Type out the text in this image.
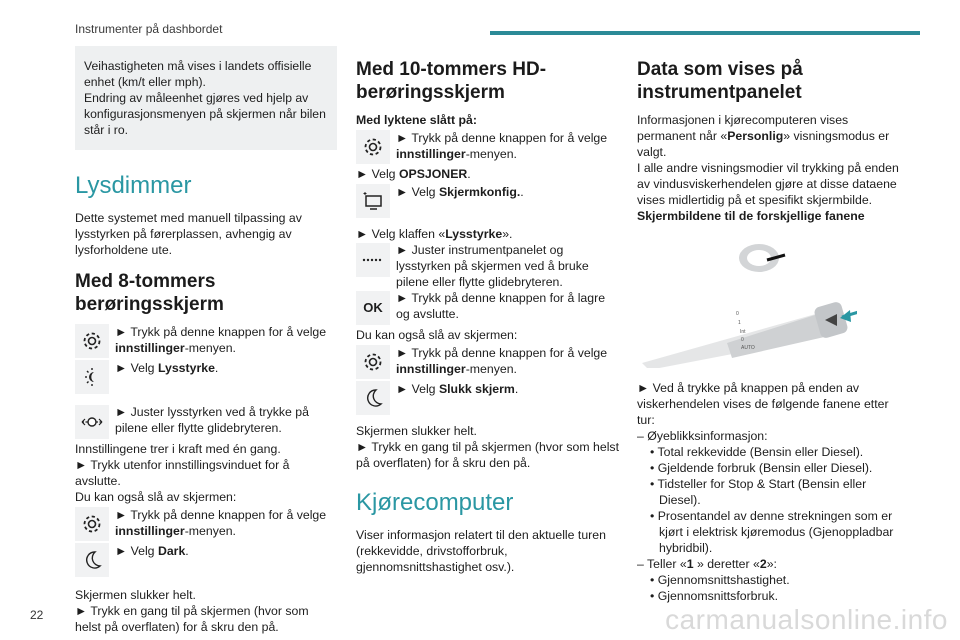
Instrumenter på dashbordet
Veihastigheten må vises i landets offisielle enhet (km/t eller mph).
Endring av måleenhet gjøres ved hjelp av konfigurasjonsmenyen på skjermen når bilen står i ro.
Lysdimmer

Dette systemet med manuell tilpassing av lysstyrken på førerplassen, avhengig av lysforholdene ute.

Med 8-tommers berøringsskjerm
► Trykk på denne knappen for å velge innstillinger-menyen.
► Velg Lysstyrke.
► Juster lysstyrken ved å trykke på pilene eller flytte glidebryteren.

Innstillingene trer i kraft med én gang.

► Trykk utenfor innstillingsvinduet for å avslutte.

Du kan også slå av skjermen:

► Trykk på denne knappen for å velge innstillinger-menyen.
► Velg Dark.

Skjermen slukker helt.

► Trykk en gang til på skjermen (hvor som helst på overflaten) for å skru den på.

Med 10-tommers HD-berøringsskjerm

Med lyktene slått på:

► Trykk på denne knappen for å velge innstillinger-menyen.

► Velg OPSJONER.

► Velg Skjermkonfig..

► Velg klaffen «Lysstyrke».

► Juster instrumentpanelet og lysstyrken på skjermen ved å bruke pilene eller flytte glidebryteren.
OK
► Trykk på denne knappen for å lagre og avslutte.

Du kan også slå av skjermen:

► Trykk på denne knappen for å velge innstillinger-menyen.
► Velg Slukk skjerm.

Skjermen slukker helt.

► Trykk en gang til på skjermen (hvor som helst på overflaten) for å skru den på.

Kjørecomputer

Viser informasjon relatert til den aktuelle turen (rekkevidde, drivstofforbruk, gjennomsnittshastighet osv.).

Data som vises på instrumentpanelet

Informasjonen i kjørecomputeren vises permanent når «Personlig» visningsmodus er valgt.

I alle andre visningsmodier vil trykking på enden av vindusviskerhendelen gjøre at disse dataene vises midlertidig på et spesifikt skjermbilde.

Skjermbildene til de forskjellige fanene

0
1
Int
0
AUTO

► Ved å trykke på knappen på enden av viskerhendelen vises de følgende fanene etter tur:

– Øyeblikksinformasjon:

• Total rekkevidde (Bensin eller Diesel).

• Gjeldende forbruk (Bensin eller Diesel).

• Tidsteller for Stop & Start (Bensin eller Diesel).

• Prosentandel av denne strekningen som er kjørt i elektrisk kjøremodus (Gjenoppladbar hybridbil).

– Teller «1 » deretter «2»:

• Gjennomsnittshastighet.

• Gjennomsnittsforbruk.

22	carmanualsonline.info
